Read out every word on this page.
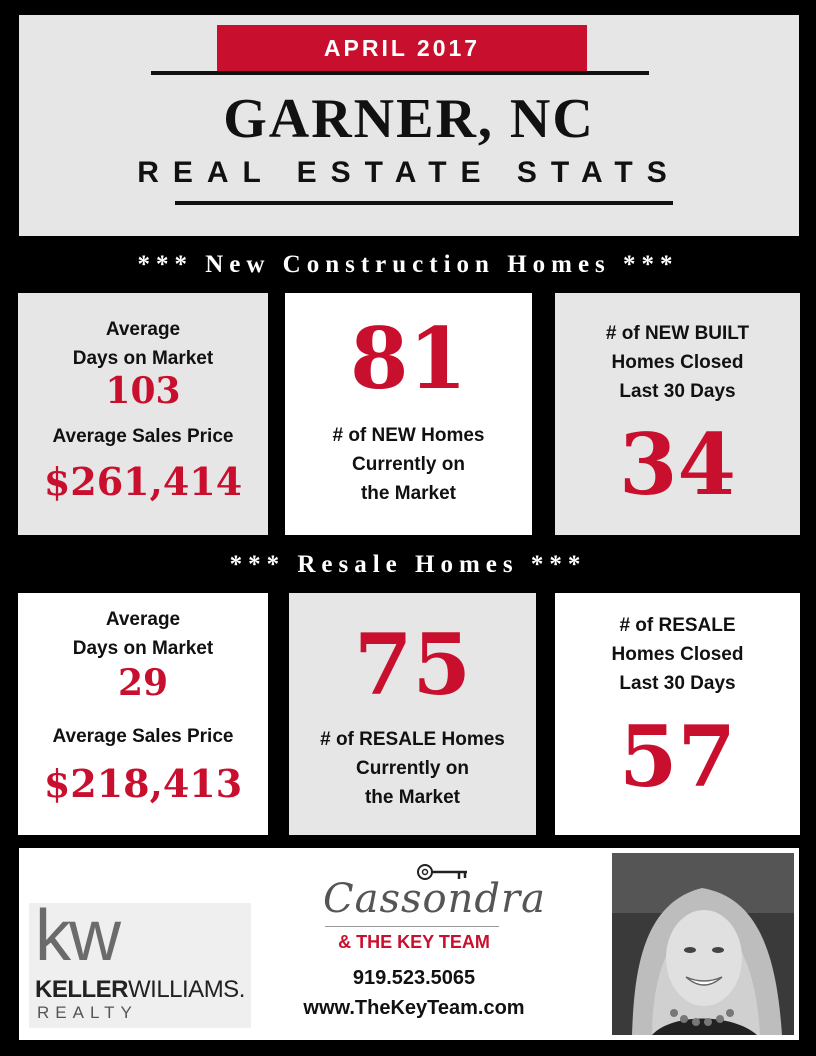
APRIL 2017
GARNER, NC
REAL ESTATE STATS
*** New Construction Homes ***
Average
Days on Market
103
Average Sales Price
$261,414
81
# of NEW Homes
Currently on
the Market
# of NEW BUILT
Homes Closed
Last 30 Days
34
*** Resale Homes ***
Average
Days on Market
29
Average Sales Price
$218,413
75
# of RESALE Homes
Currently on
the Market
# of RESALE
Homes Closed
Last 30 Days
57
kw
KELLERWILLIAMS.
REALTY
Cassondra
& THE KEY TEAM
919.523.5065
www.TheKeyTeam.com
